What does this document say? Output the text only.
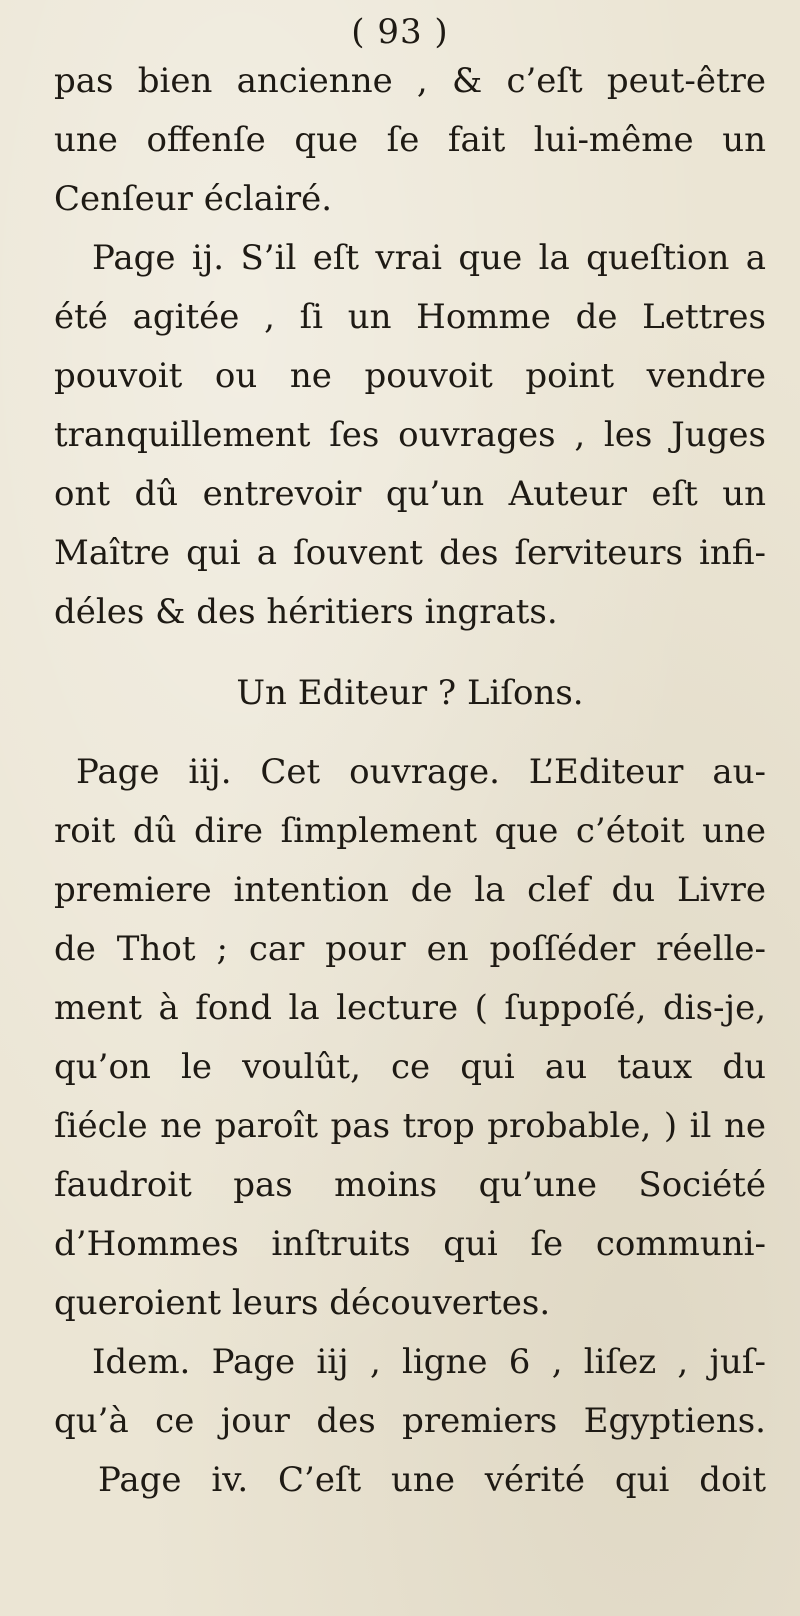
( 93 )
pas bien ancienne , & c’eſt peut-être
une offenſe que ſe fait lui-même un
Cenſeur éclairé.
Page ij. S’il eſt vrai que la queſtion a
été agitée , ſi un Homme de Lettres
pouvoit ou ne pouvoit point vendre
tranquillement ſes ouvrages , les Juges
ont dû entrevoir qu’un Auteur eſt un
Maître qui a ſouvent des ſerviteurs infi-
déles & des héritiers ingrats.
Un Editeur ? Liſons.
Page iij. Cet ouvrage. L’Editeur au-
roit dû dire ſimplement que c’étoit une
premiere intention de la clef du Livre
de Thot ; car pour en poſſéder réelle-
ment à fond la lecture ( ſuppoſé, dis-je,
qu’on le voulût, ce qui au taux du
ſiécle ne paroît pas trop probable, ) il ne
faudroit pas moins qu’une Société
d’Hommes inſtruits qui ſe communi-
queroient leurs découvertes.
Idem. Page iij , ligne 6 , liſez , juſ-
qu’à ce jour des premiers Egyptiens.
Page iv. C’eſt une vérité qui doit
